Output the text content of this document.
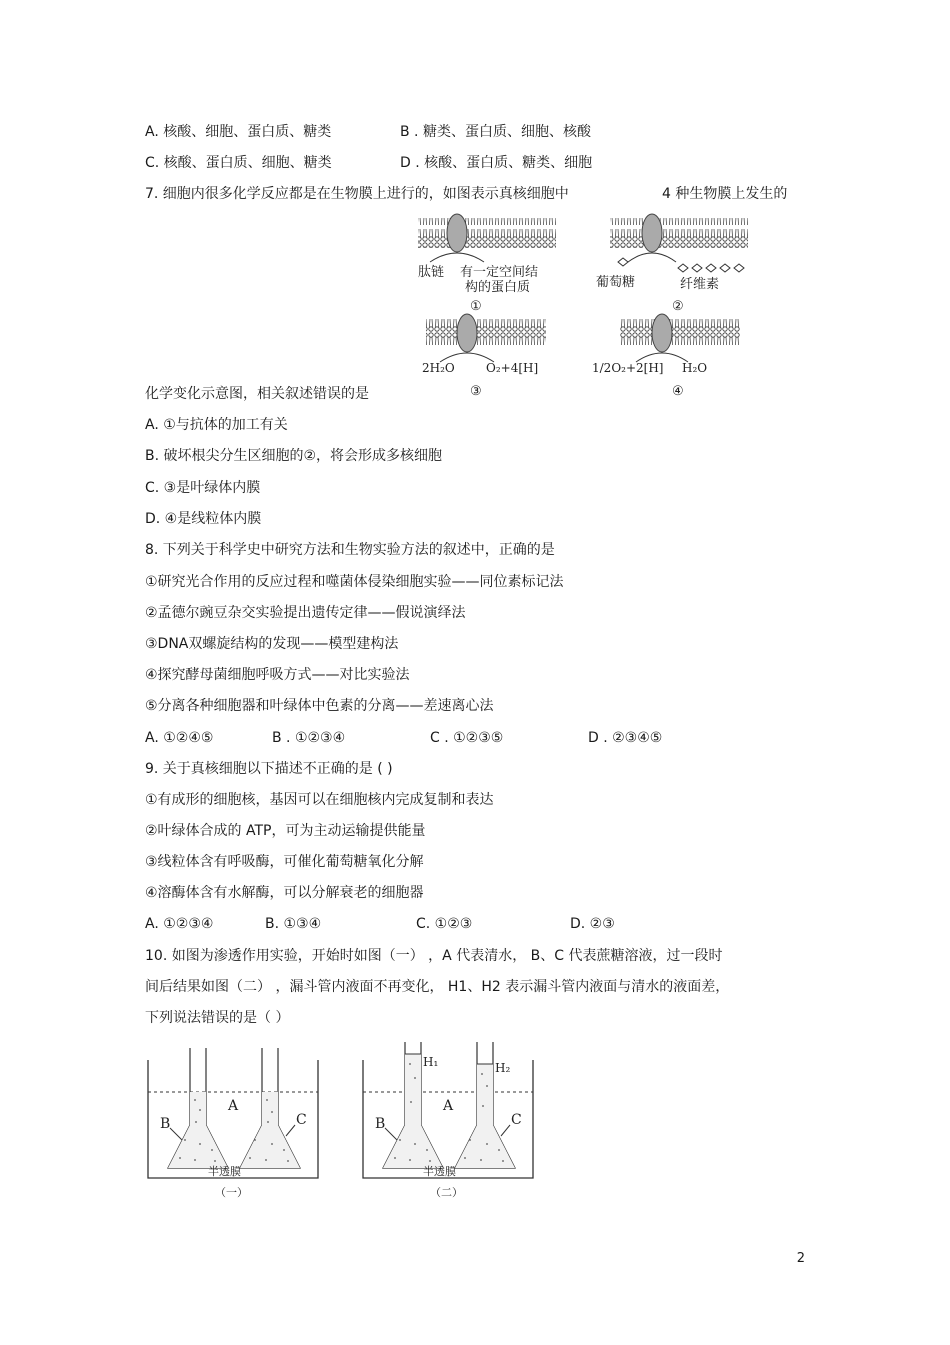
A. 核酸、细胞、蛋白质、糖类	B . 糖类、蛋白质、细胞、核酸
C. 核酸、蛋白质、细胞、糖类	D . 核酸、蛋白质、糖类、细胞
7. 细胞内很多化学反应都是在生物膜上进行的，如图表示真核细胞中	4 种生物膜上发生的
肽链 有一定空间结
构的蛋白质
①
葡萄糖	纤维素
②
2H₂O	O₂+4[H]
③
1/2O₂+2[H] H₂O
④
化学变化示意图，相关叙述错误的是
A. ①与抗体的加工有关
B. 破坏根尖分生区细胞的②，将会形成多核细胞
C. ③是叶绿体内膜
D. ④是线粒体内膜
8. 下列关于科学史中研究方法和生物实验方法的叙述中，正确的是
①研究光合作用的反应过程和噬菌体侵染细胞实验——同位素标记法
②孟德尔豌豆杂交实验提出遗传定律——假说演绎法
③DNA双螺旋结构的发现——模型建构法
④探究酵母菌细胞呼吸方式——对比实验法
⑤分离各种细胞器和叶绿体中色素的分离——差速离心法
A. ①②④⑤	B . ①②③④	C . ①②③⑤	D . ②③④⑤
9. 关于真核细胞以下描述不正确的是 ( )
①有成形的细胞核，基因可以在细胞核内完成复制和表达
②叶绿体合成的 ATP，可为主动运输提供能量
③线粒体含有呼吸酶，可催化葡萄糖氧化分解
④溶酶体含有水解酶，可以分解衰老的细胞器
A. ①②③④	B. ①③④	C. ①②③	D. ②③
10. 如图为渗透作用实验，开始时如图（一） ，A 代表清水， B、C 代表蔗糖溶液，过一段时
间后结果如图（二） ，漏斗管内液面不再变化， H1、H2 表示漏斗管内液面与清水的液面差，
下列说法错误的是（ ）
B
A
C
半透膜
（一）
B
A
C
H₁	H₂
半透膜
（二）
2
